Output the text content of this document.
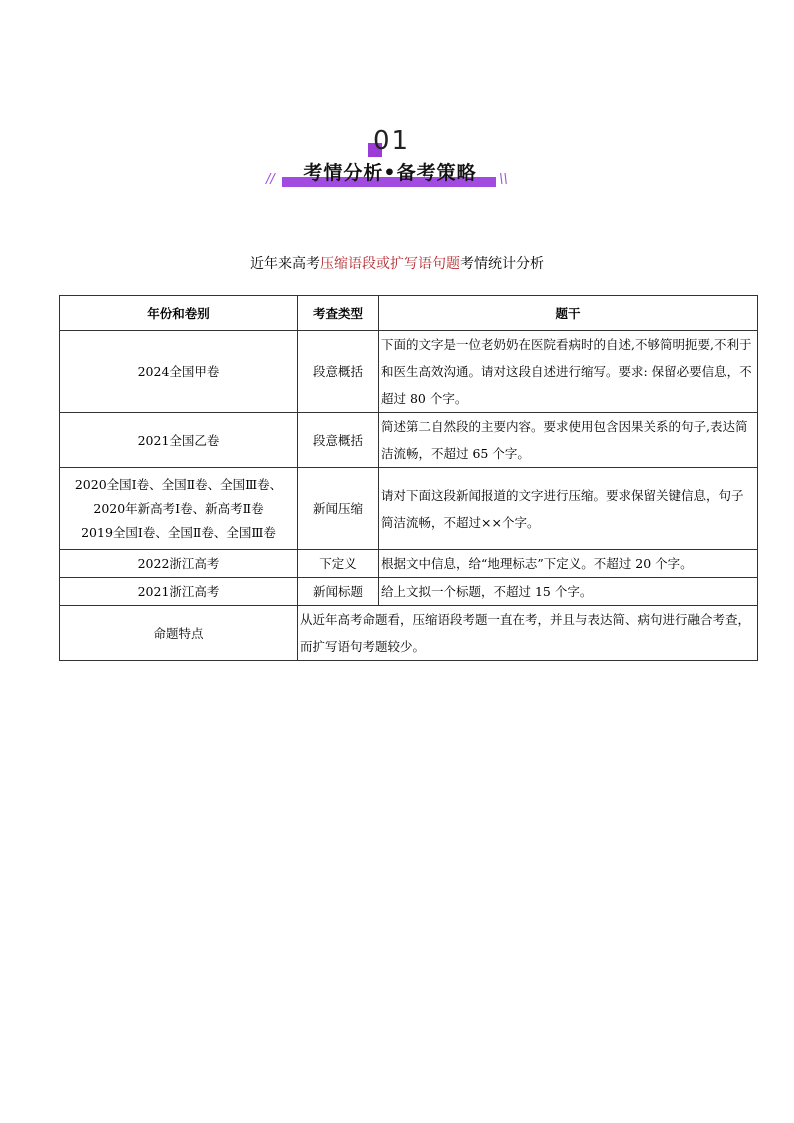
01
//	考情分析•备考策略	\\
近年来高考压缩语段或扩写语句题考情统计分析
年份和卷别	考查类型	题干
2024全国甲卷	段意概括	下面的文字是一位老奶奶在医院看病时的自述,不够简明扼要,不利于和医生高效沟通。请对这段自述进行缩写。要求: 保留必要信息，不超过 80 个字。
2021全国乙卷	段意概括	简述第二自然段的主要内容。要求使用包含因果关系的句子,表达简洁流畅，不超过 65 个字。

2020全国Ⅰ卷、全国Ⅱ卷、全国Ⅲ卷、
2020年新高考Ⅰ卷、新高考Ⅱ卷
2019全国Ⅰ卷、全国Ⅱ卷、全国Ⅲ卷	新闻压缩	请对下面这段新闻报道的文字进行压缩。要求保留关键信息，句子简洁流畅，不超过××个字。
2022浙江高考	下定义	根据文中信息，给“地理标志”下定义。不超过 20 个字。
2021浙江高考	新闻标题	给上文拟一个标题，不超过 15 个字。
命题特点	从近年高考命题看，压缩语段考题一直在考，并且与表达简、病句进行融合考查，而扩写语句考题较少。	
